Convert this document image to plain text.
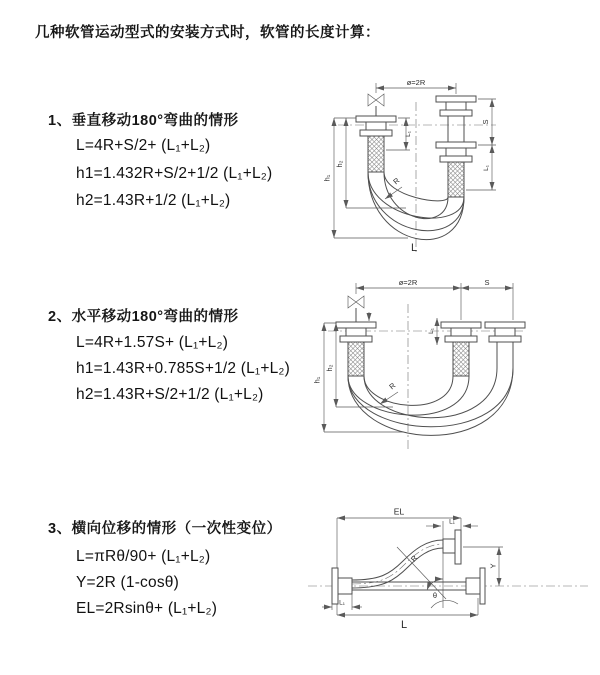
几种软管运动型式的安装方式时，软管的长度计算：
1、垂直移动180°弯曲的情形
L=4R+S/2+ (L₁+L₂)
h1=1.432R+S/2+1/2 (L₁+L₂)
h2=1.43R+1/2 (L₁+L₂)
2、水平移动180°弯曲的情形
L=4R+1.57S+ (L₁+L₂)
h1=1.43R+0.785S+1/2 (L₁+L₂)
h2=1.43R+S/2+1/2 (L₁+L₂)
3、横向位移的情形（一次性变位）
L=πRθ/90+ (L₁+L₂)
Y=2R (1-cosθ)
EL=2Rsinθ+ (L₁+L₂)
ø=2R
h₁
h₂
L₁
S
L₁
R
L
ø=2R	S
h₁
h₂
L₁
R
EL
L₁
Y
θ
R
L
L₁
